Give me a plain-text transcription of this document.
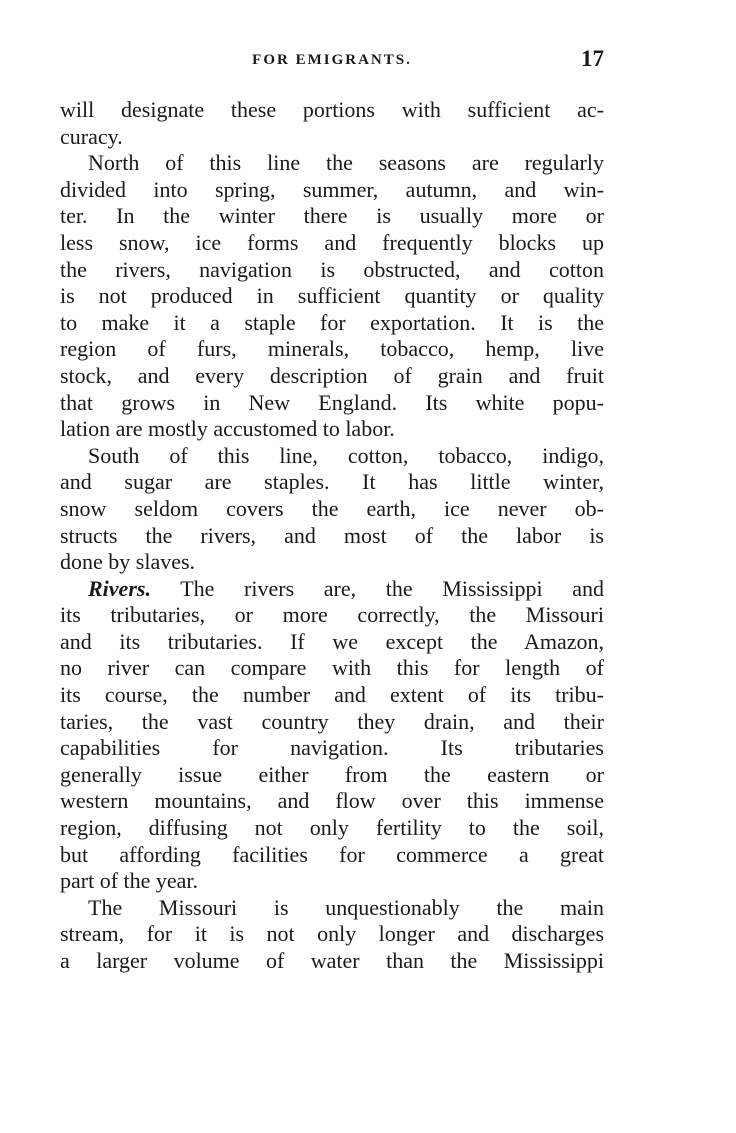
FOR EMIGRANTS.	17
will designate these portions with sufficient ac-
curacy.
North of this line the seasons are regularly
divided into spring, summer, autumn, and win-
ter. In the winter there is usually more or
less snow, ice forms and frequently blocks up
the rivers, navigation is obstructed, and cotton
is not produced in sufficient quantity or quality
to make it a staple for exportation. It is the
region of furs, minerals, tobacco, hemp, live
stock, and every description of grain and fruit
that grows in New England. Its white popu-
lation are mostly accustomed to labor.
South of this line, cotton, tobacco, indigo,
and sugar are staples. It has little winter,
snow seldom covers the earth, ice never ob-
structs the rivers, and most of the labor is
done by slaves.
Rivers. The rivers are, the Mississippi and
its tributaries, or more correctly, the Missouri
and its tributaries. If we except the Amazon,
no river can compare with this for length of
its course, the number and extent of its tribu-
taries, the vast country they drain, and their
capabilities for navigation. Its tributaries
generally issue either from the eastern or
western mountains, and flow over this immense
region, diffusing not only fertility to the soil,
but affording facilities for commerce a great
part of the year.
The Missouri is unquestionably the main
stream, for it is not only longer and discharges
a larger volume of water than the Mississippi
